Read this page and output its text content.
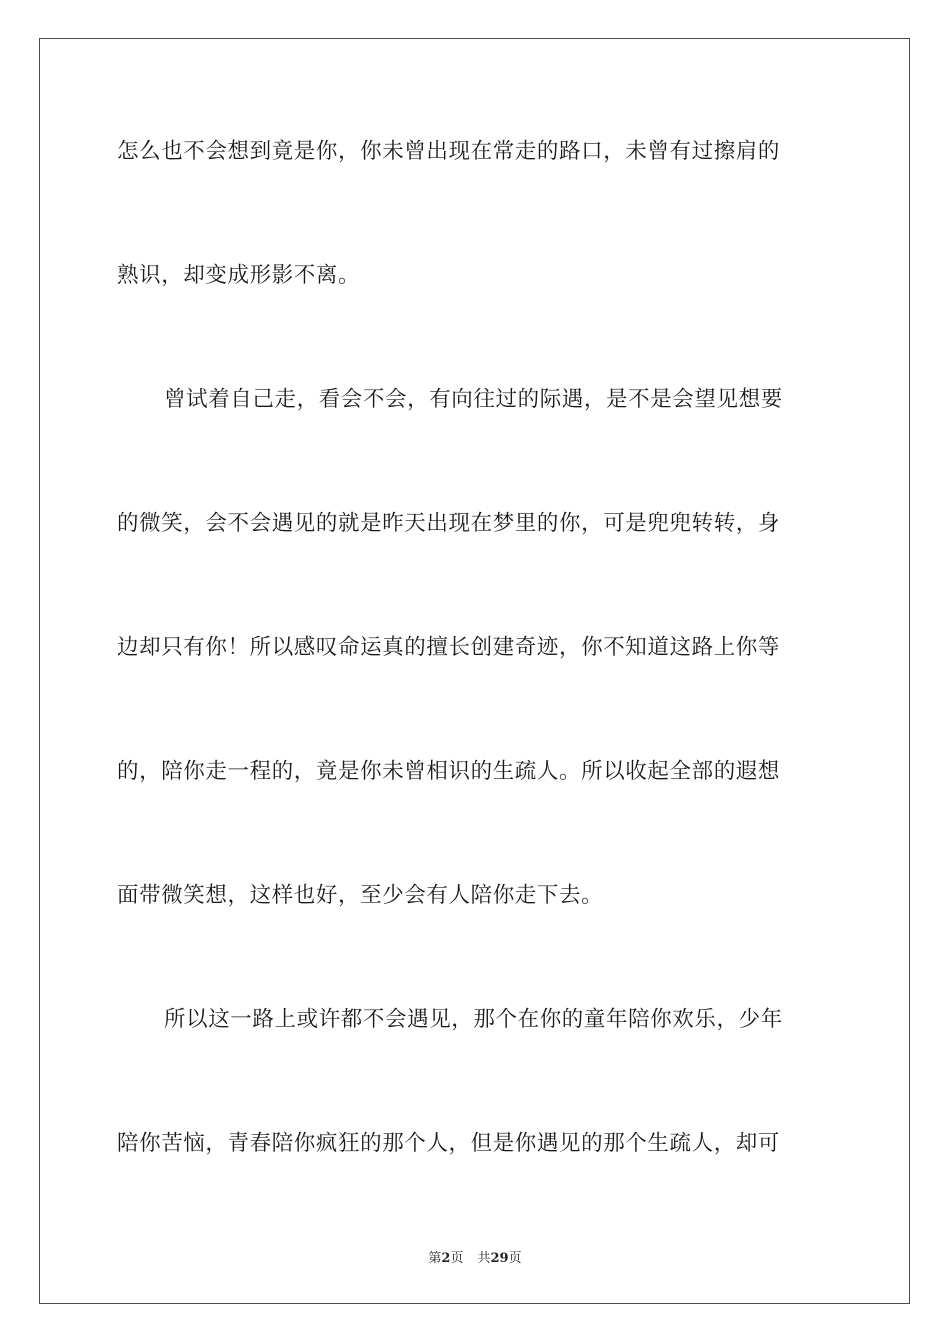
怎么也不会想到竟是你，你未曾出现在常走的路口，未曾有过擦肩的
熟识，却变成形影不离。
曾试着自己走，看会不会，有向往过的际遇，是不是会望见想要
的微笑，会不会遇见的就是昨天出现在梦里的你，可是兜兜转转，身
边却只有你！所以感叹命运真的擅长创建奇迹，你不知道这路上你等
的，陪你走一程的，竟是你未曾相识的生疏人。所以收起全部的遐想
面带微笑想，这样也好，至少会有人陪你走下去。
所以这一路上或许都不会遇见，那个在你的童年陪你欢乐，少年
陪你苦恼，青春陪你疯狂的那个人，但是你遇见的那个生疏人，却可
第2页 共29页
